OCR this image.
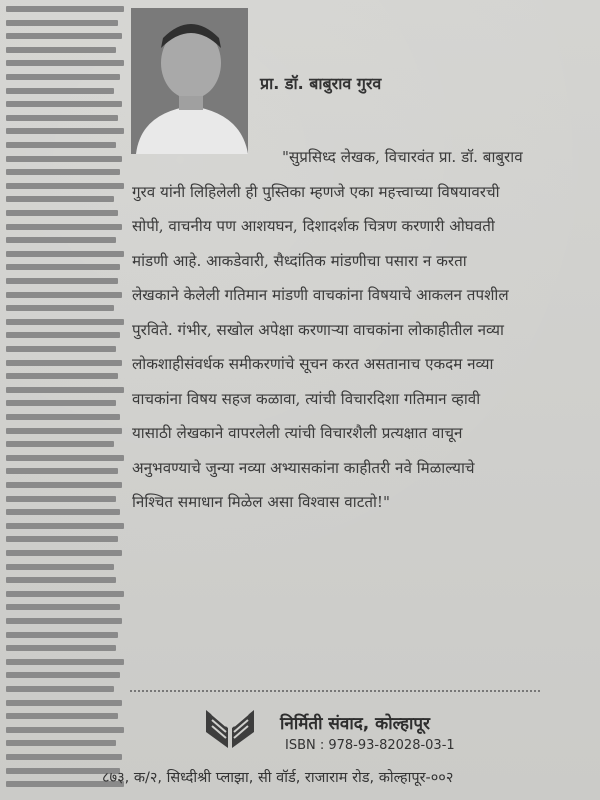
प्रा. डॉ. बाबुराव गुरव
"सुप्रसिध्द लेखक, विचारवंत प्रा. डॉ. बाबुराव
गुरव यांनी लिहिलेली ही पुस्तिका म्हणजे एका महत्त्वाच्या विषयावरची
सोपी, वाचनीय पण आशयघन, दिशादर्शक चित्रण करणारी ओघवती
मांडणी आहे. आकडेवारी, सैध्दांतिक मांडणीचा पसारा न करता
लेखकाने केलेली गतिमान मांडणी वाचकांना विषयाचे आकलन तपशील
पुरविते. गंभीर, सखोल अपेक्षा करणाऱ्या वाचकांना लोकाहीतील नव्या
लोकशाहीसंवर्धक समीकरणांचे सूचन करत असतानाच एकदम नव्या
वाचकांना विषय सहज कळावा, त्यांची विचारदिशा गतिमान व्हावी
यासाठी लेखकाने वापरलेली त्यांची विचारशैली प्रत्यक्षात वाचून
अनुभवण्याचे जुन्या नव्या अभ्यासकांना काहीतरी नवे मिळाल्याचे
निश्चित समाधान मिळेल असा विश्वास वाटतो!"
निर्मिती संवाद, कोल्हापूर
ISBN : 978-93-82028-03-1
८७३, क/२, सिध्दीश्री प्लाझा, सी वॉर्ड, राजाराम रोड, कोल्हापूर-००२
